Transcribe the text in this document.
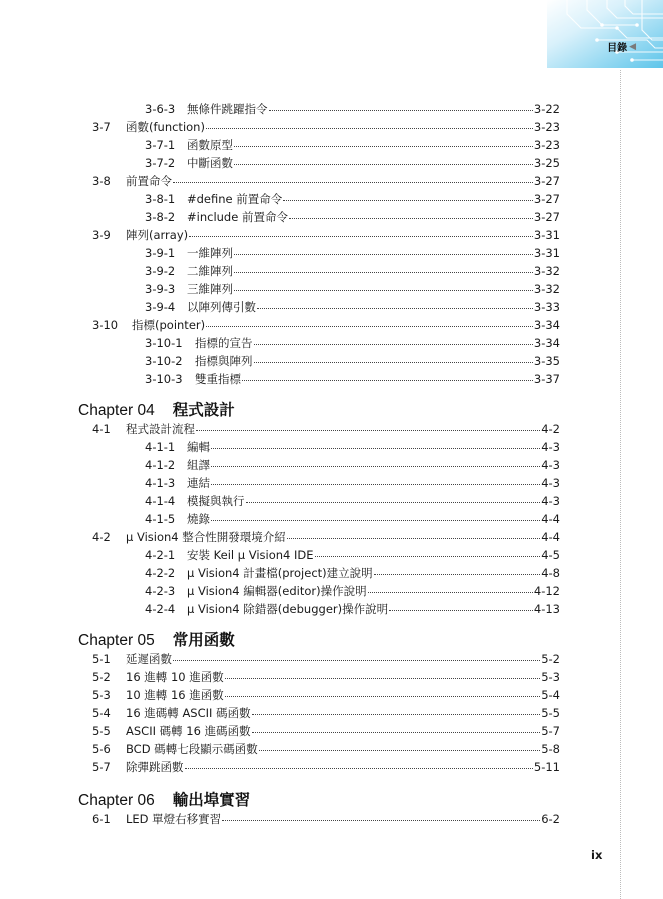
目錄 ◀
3-6-3	無條件跳躍指令	3-22
3-7	函數(function)	3-23
3-7-1	函數原型	3-23
3-7-2	中斷函數	3-25
3-8	前置命令	3-27
3-8-1	#define 前置命令	3-27
3-8-2	#include 前置命令	3-27
3-9	陣列(array)	3-31
3-9-1	一維陣列	3-31
3-9-2	二維陣列	3-32
3-9-3	三維陣列	3-32
3-9-4	以陣列傳引數	3-33
3-10	指標(pointer)	3-34
3-10-1	指標的宣告	3-34
3-10-2	指標與陣列	3-35
3-10-3	雙重指標	3-37
Chapter 04 程式設計
4-1	程式設計流程	4-2
4-1-1	編輯	4-3
4-1-2	組譯	4-3
4-1-3	連結	4-3
4-1-4	模擬與執行	4-3
4-1-5	燒錄	4-4
4-2	µ Vision4 整合性開發環境介紹	4-4
4-2-1	安裝 Keil µ Vision4 IDE	4-5
4-2-2	µ Vision4 計畫檔(project)建立說明	4-8
4-2-3	µ Vision4 編輯器(editor)操作說明	4-12
4-2-4	µ Vision4 除錯器(debugger)操作說明	4-13
Chapter 05 常用函數
5-1	延遲函數	5-2
5-2	16 進轉 10 進函數	5-3
5-3	10 進轉 16 進函數	5-4
5-4	16 進碼轉 ASCII 碼函數	5-5
5-5	ASCII 碼轉 16 進碼函數	5-7
5-6	BCD 碼轉七段顯示碼函數	5-8
5-7	除彈跳函數	5-11
Chapter 06 輸出埠實習
6-1	LED 單燈右移實習	6-2
ix
